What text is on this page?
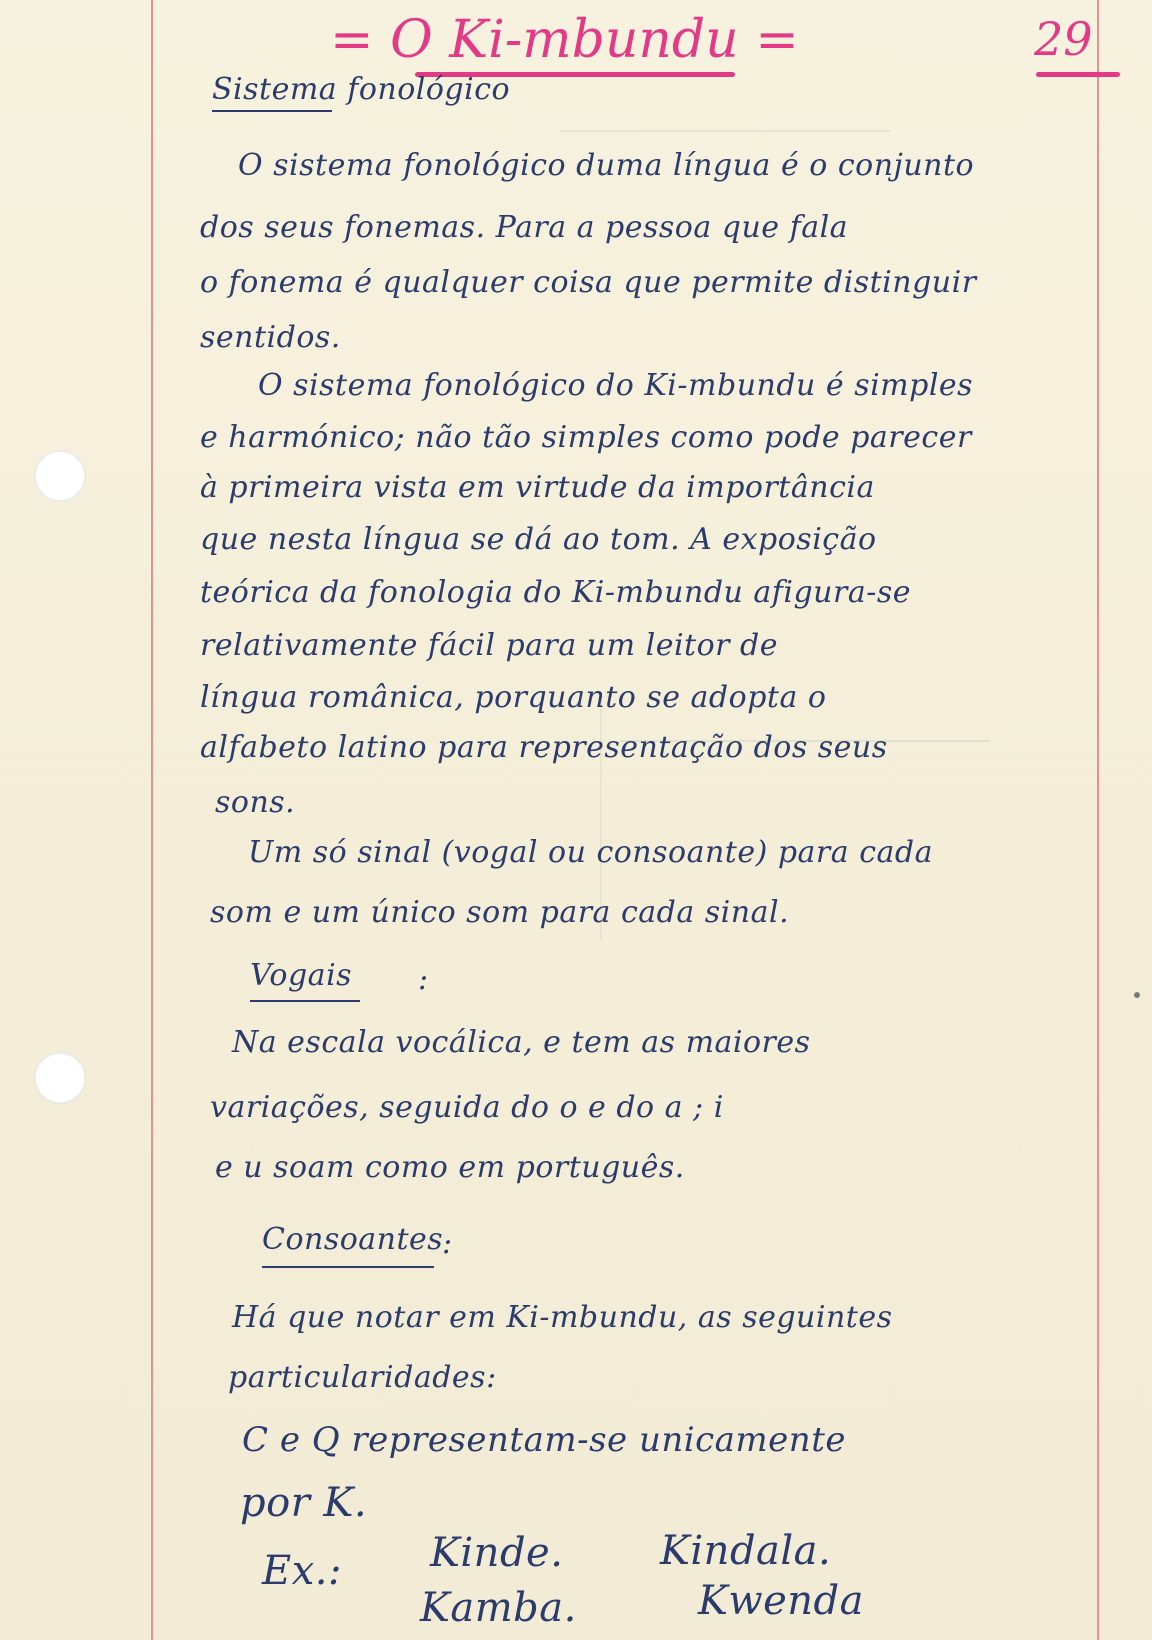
= O Ki-mbundu =	29
Sistema fonológico
O sistema fonológico duma língua é o conjunto
dos seus fonemas. Para a pessoa que fala
o fonema é qualquer coisa que permite distinguir
sentidos.
O sistema fonológico do Ki-mbundu é simples
e harmónico; não tão simples como pode parecer
à primeira vista em virtude da importância
que nesta língua se dá ao tom. A exposição
teórica da fonologia do Ki-mbundu afigura-se
relativamente fácil para um leitor de
língua românica, porquanto se adopta o
alfabeto latino para representação dos seus
sons.
Um só sinal (vogal ou consoante) para cada
som e um único som para cada sinal.
Vogais :
Na escala vocálica, e tem as maiores
variações, seguida do o e do a ; i
e u soam como em português.
Consoantes
:
Há que notar em Ki-mbundu, as seguintes
particularidades:
C e Q representam-se unicamente
por K.
Ex.: Kinde. Kindala.
Kamba.	Kwenda
